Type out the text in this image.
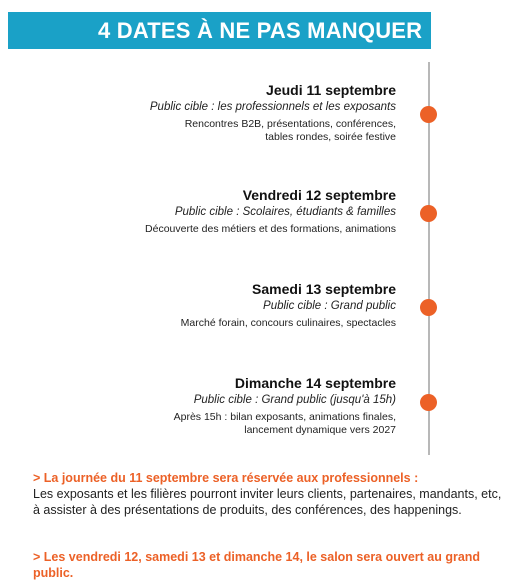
4 DATES À NE PAS MANQUER
Jeudi 11 septembre
Public cible : les professionnels et les exposants
Rencontres B2B, présentations, conférences,
tables rondes, soirée festive
Vendredi 12 septembre
Public cible : Scolaires, étudiants & familles
Découverte des métiers et des formations, animations
Samedi 13 septembre
Public cible : Grand public
Marché forain, concours culinaires, spectacles
Dimanche 14 septembre
Public cible : Grand public (jusqu'à 15h)
Après 15h : bilan exposants, animations finales,
lancement dynamique vers 2027
> La journée du 11 septembre sera réservée aux professionnels :
Les exposants et les filières pourront inviter leurs clients, partenaires, mandants, etc, à assister à des présentations de produits, des conférences, des happenings.
> Les vendredi 12, samedi 13 et dimanche 14, le salon sera ouvert au grand public.
